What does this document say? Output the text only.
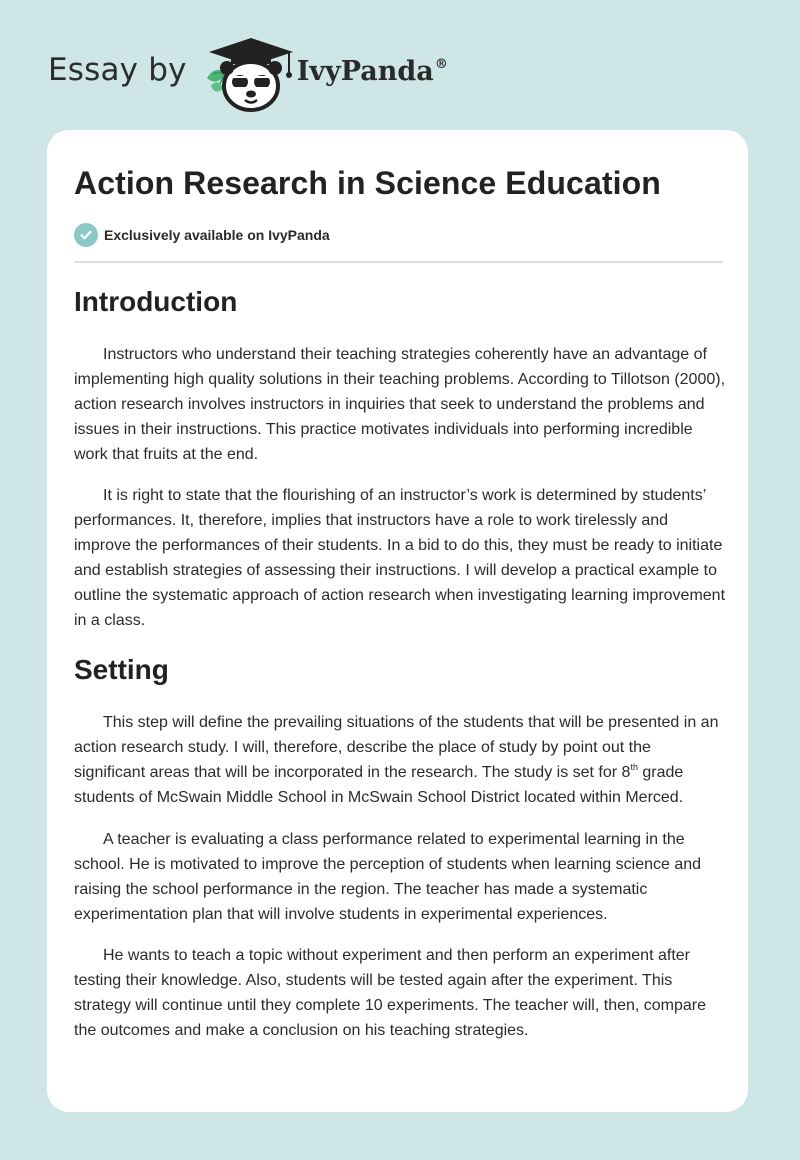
Essay by	IvyPanda®
Action Research in Science Education
Exclusively available on IvyPanda
Introduction

Instructors who understand their teaching strategies coherently have an advantage of implementing high quality solutions in their teaching problems. According to Tillotson (2000), action research involves instructors in inquiries that seek to understand the problems and issues in their instructions. This practice motivates individuals into performing incredible work that fruits at the end.

It is right to state that the flourishing of an instructor’s work is determined by students’ performances. It, therefore, implies that instructors have a role to work tirelessly and improve the performances of their students. In a bid to do this, they must be ready to initiate and establish strategies of assessing their instructions. I will develop a practical example to outline the systematic approach of action research when investigating learning improvement in a class.

Setting

This step will define the prevailing situations of the students that will be presented in an action research study. I will, therefore, describe the place of study by point out the significant areas that will be incorporated in the research. The study is set for 8th grade students of McSwain Middle School in McSwain School District located within Merced.

A teacher is evaluating a class performance related to experimental learning in the school. He is motivated to improve the perception of students when learning science and raising the school performance in the region. The teacher has made a systematic experimentation plan that will involve students in experimental experiences.

He wants to teach a topic without experiment and then perform an experiment after testing their knowledge. Also, students will be tested again after the experiment. This strategy will continue until they complete 10 experiments. The teacher will, then, compare the outcomes and make a conclusion on his teaching strategies.
